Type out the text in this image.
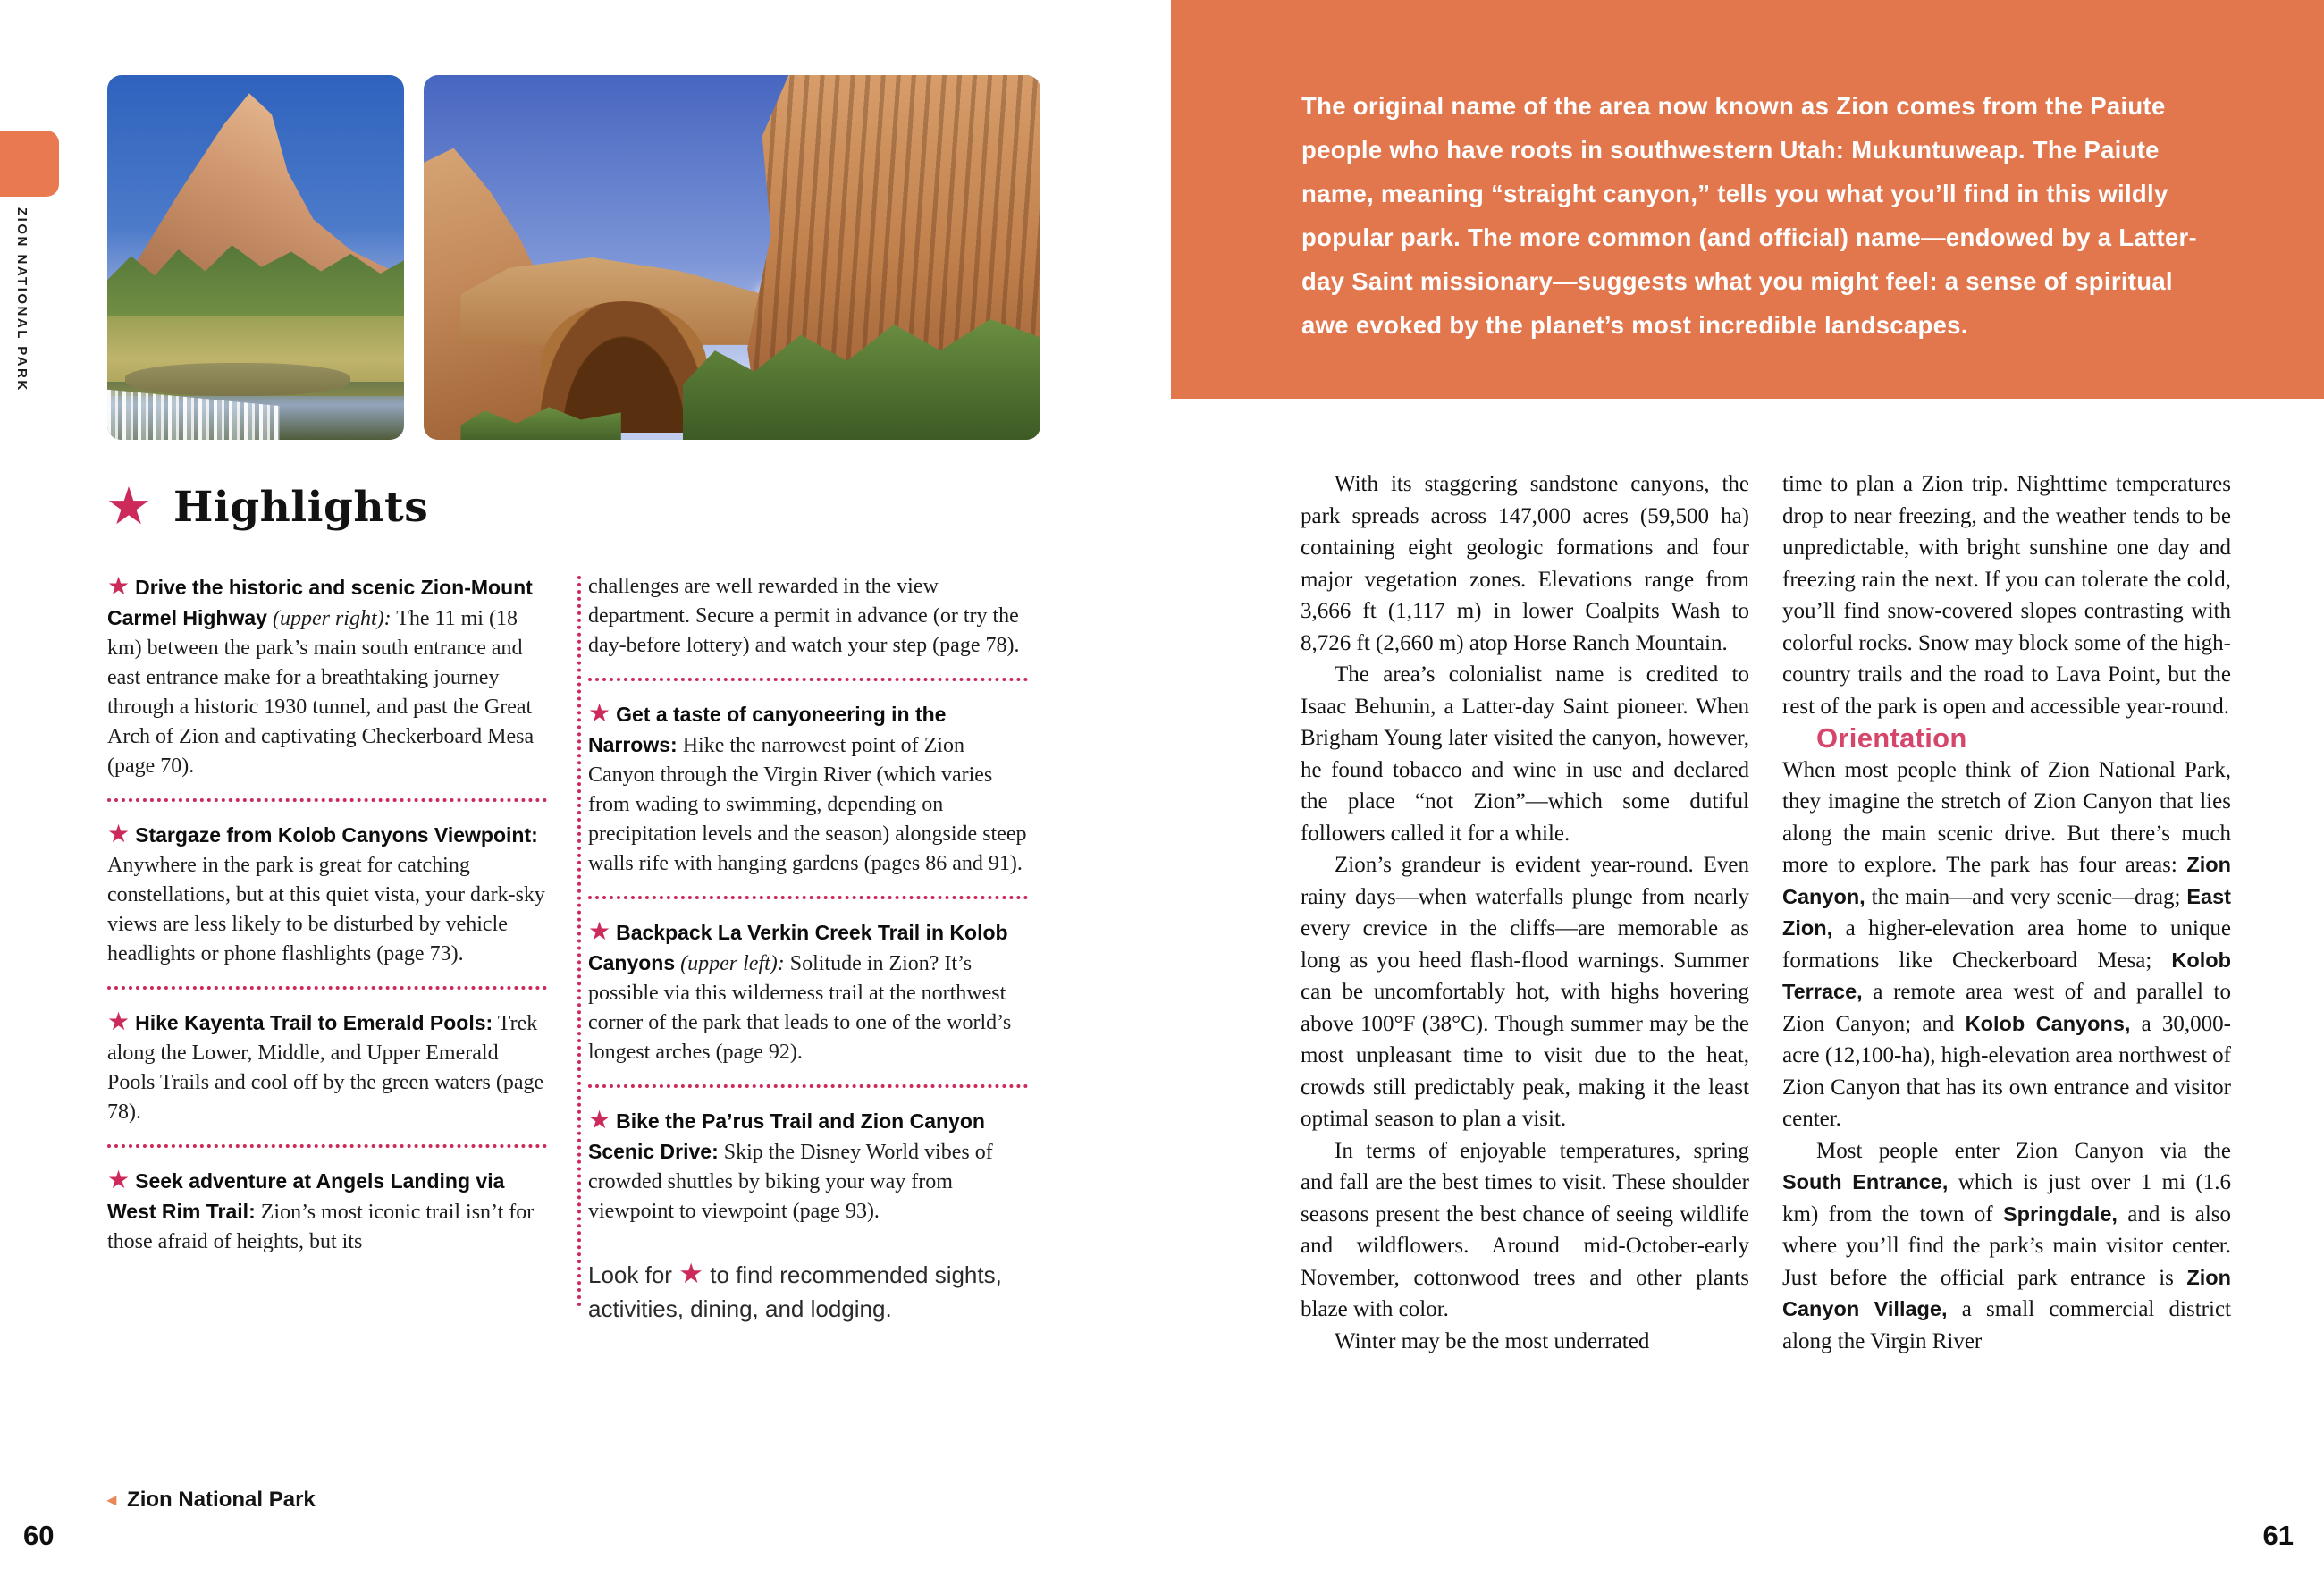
ZION NATIONAL PARK
★ Highlights
★ Drive the historic and scenic Zion-Mount Carmel Highway (upper right): The 11 mi (18 km) between the park’s main south entrance and east entrance make for a breathtaking journey through a historic 1930 tunnel, and past the Great Arch of Zion and captivating Checkerboard Mesa (page 70).
★ Stargaze from Kolob Canyons Viewpoint: Anywhere in the park is great for catching constellations, but at this quiet vista, your dark-sky views are less likely to be disturbed by vehicle headlights or phone flashlights (page 73).
★ Hike Kayenta Trail to Emerald Pools: Trek along the Lower, Middle, and Upper Emerald Pools Trails and cool off by the green waters (page 78).
★ Seek adventure at Angels Landing via West Rim Trail: Zion’s most iconic trail isn’t for those afraid of heights, but its
challenges are well rewarded in the view department. Secure a permit in advance (or try the day-before lottery) and watch your step (page 78).
★ Get a taste of canyoneering in the Narrows: Hike the narrowest point of Zion Canyon through the Virgin River (which varies from wading to swimming, depending on precipitation levels and the season) alongside steep walls rife with hanging gardens (pages 86 and 91).
★ Backpack La Verkin Creek Trail in Kolob Canyons (upper left): Solitude in Zion? It’s possible via this wilderness trail at the northwest corner of the park that leads to one of the world’s longest arches (page 92).
★ Bike the Pa’rus Trail and Zion Canyon Scenic Drive: Skip the Disney World vibes of crowded shuttles by biking your way from viewpoint to viewpoint (page 93).
Look for ★ to find recommended sights, activities, dining, and lodging.
◂ Zion National Park
60
The original name of the area now known as Zion comes from the Paiute people who have roots in southwestern Utah: Mukuntuweap. The Paiute name, meaning “straight canyon,” tells you what you’ll find in this wildly popular park. The more common (and official) name—endowed by a Latter-day Saint missionary—suggests what you might feel: a sense of spiritual awe evoked by the planet’s most incredible landscapes.

With its staggering sandstone canyons, the park spreads across 147,000 acres (59,500 ha) containing eight geologic formations and four major vegetation zones. Elevations range from 3,666 ft (1,117 m) in lower Coalpits Wash to 8,726 ft (2,660 m) atop Horse Ranch Mountain.

The area’s colonialist name is credited to Isaac Behunin, a Latter-day Saint pioneer. When Brigham Young later visited the canyon, however, he found tobacco and wine in use and declared the place “not Zion”—which some dutiful followers called it for a while.

Zion’s grandeur is evident year-round. Even rainy days—when waterfalls plunge from nearly every crevice in the cliffs—are memorable as long as you heed flash-flood warnings. Summer can be uncomfortably hot, with highs hovering above 100°F (38°C). Though summer may be the most unpleasant time to visit due to the heat, crowds still predictably peak, making it the least optimal season to plan a visit.

In terms of enjoyable temperatures, spring and fall are the best times to visit. These shoulder seasons present the best chance of seeing wildlife and wildflowers. Around mid-October-early November, cottonwood trees and other plants blaze with color.

Winter may be the most underrated

time to plan a Zion trip. Nighttime temperatures drop to near freezing, and the weather tends to be unpredictable, with bright sunshine one day and freezing rain the next. If you can tolerate the cold, you’ll find snow-covered slopes contrasting with colorful rocks. Snow may block some of the high-country trails and the road to Lava Point, but the rest of the park is open and accessible year-round.

Orientation

When most people think of Zion National Park, they imagine the stretch of Zion Canyon that lies along the main scenic drive. But there’s much more to explore. The park has four areas: Zion Canyon, the main—and very scenic—drag; East Zion, a higher-elevation area home to unique formations like Checkerboard Mesa; Kolob Terrace, a remote area west of and parallel to Zion Canyon; and Kolob Canyons, a 30,000-acre (12,100-ha), high-elevation area northwest of Zion Canyon that has its own entrance and visitor center.

Most people enter Zion Canyon via the South Entrance, which is just over 1 mi (1.6 km) from the town of Springdale, and is also where you’ll find the park’s main visitor center. Just before the official park entrance is Zion Canyon Village, a small commercial district along the Virgin River

61
